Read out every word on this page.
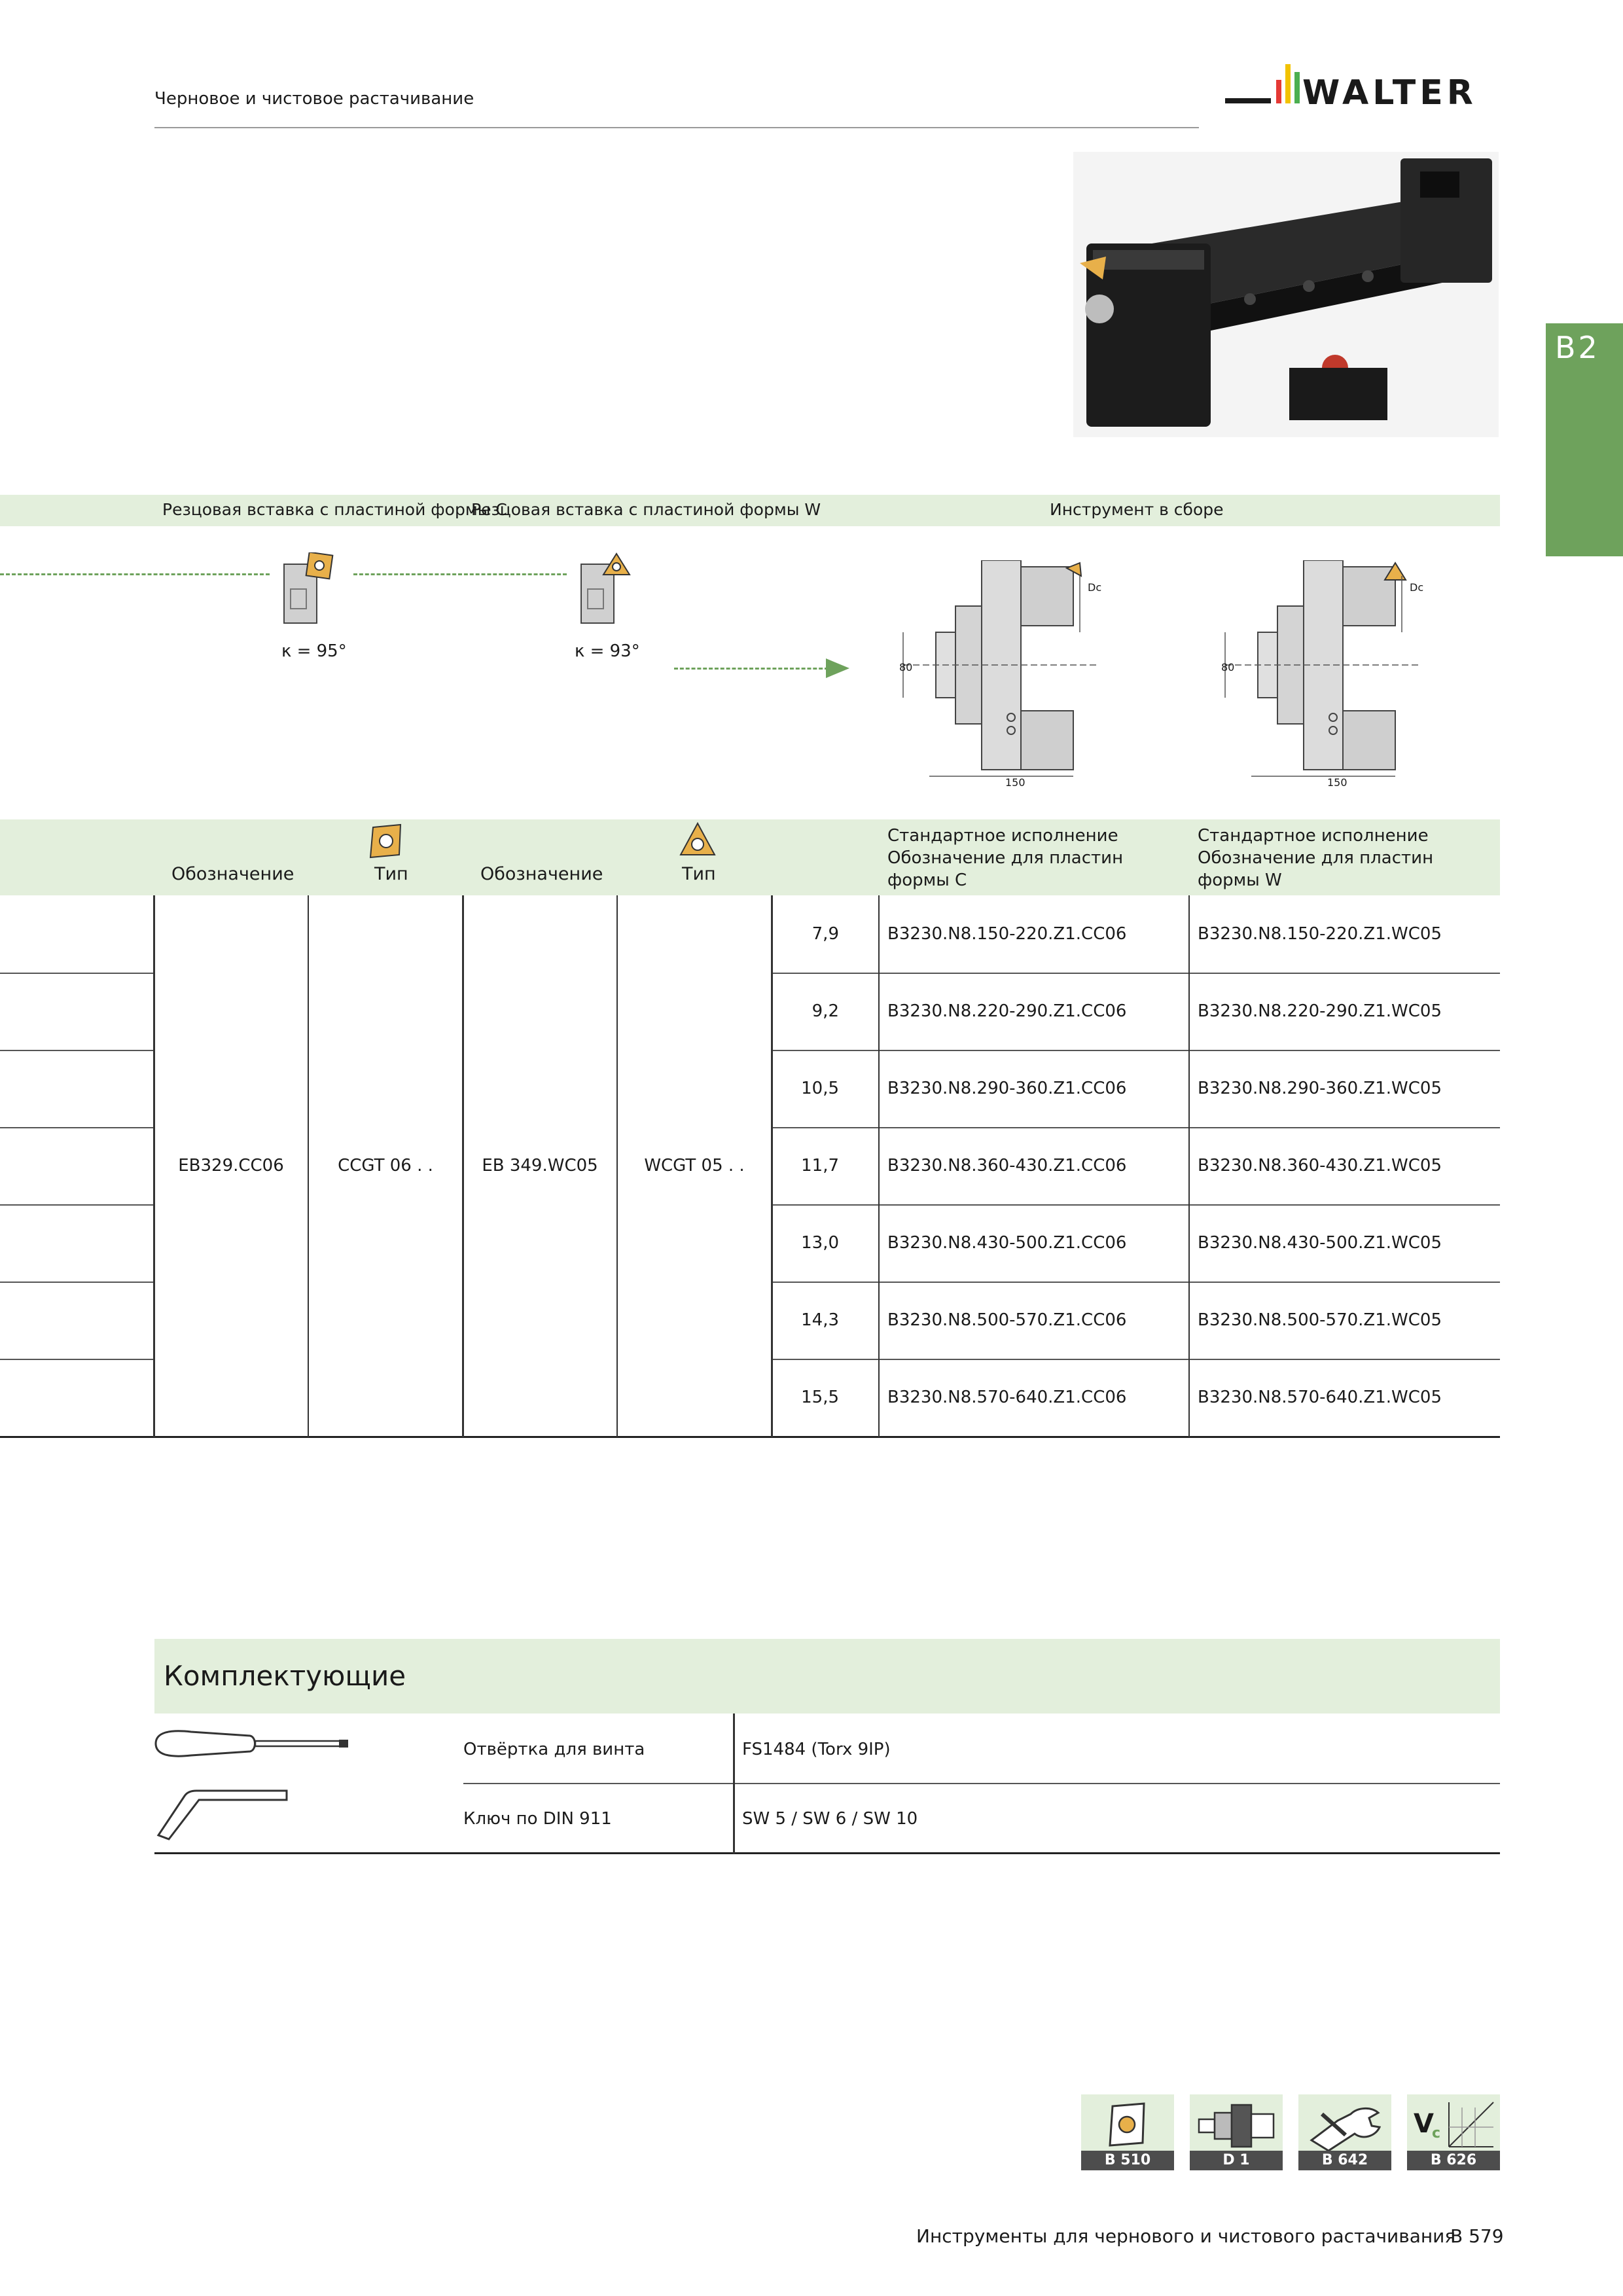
Черновое и чистовое растачивание	WALTER
B2
Резцовая вставка с пластиной формы С
Резцовая вставка с пластиной формы W	Инструмент в сборе
κ = 95°	κ = 93°
80
150
Dc
80
150
Dc
Обозначение	Тип	Обозначение	Тип
Стандартное исполнение
Обозначение для пластин
формы С
Стандартное исполнение
Обозначение для пластин
формы W
EB329.CC06	CCGT 06 . .	EB 349.WC05	WCGT 05 . .
7,9	B3230.N8.150-220.Z1.CC06	B3230.N8.150-220.Z1.WC05
9,2	B3230.N8.220-290.Z1.CC06	B3230.N8.220-290.Z1.WC05
10,5	B3230.N8.290-360.Z1.CC06	B3230.N8.290-360.Z1.WC05
11,7	B3230.N8.360-430.Z1.CC06	B3230.N8.360-430.Z1.WC05
13,0	B3230.N8.430-500.Z1.CC06	B3230.N8.430-500.Z1.WC05
14,3	B3230.N8.500-570.Z1.CC06	B3230.N8.500-570.Z1.WC05
15,5	B3230.N8.570-640.Z1.CC06	B3230.N8.570-640.Z1.WC05
Комплектующие
Отвёртка для винта	FS1484 (Torx 9IP)
Ключ по DIN 911	SW 5 / SW 6 / SW 10
B 510	D 1	B 642
V
c
B 626
Инструменты для чернового и чистового растачивания
B 579
